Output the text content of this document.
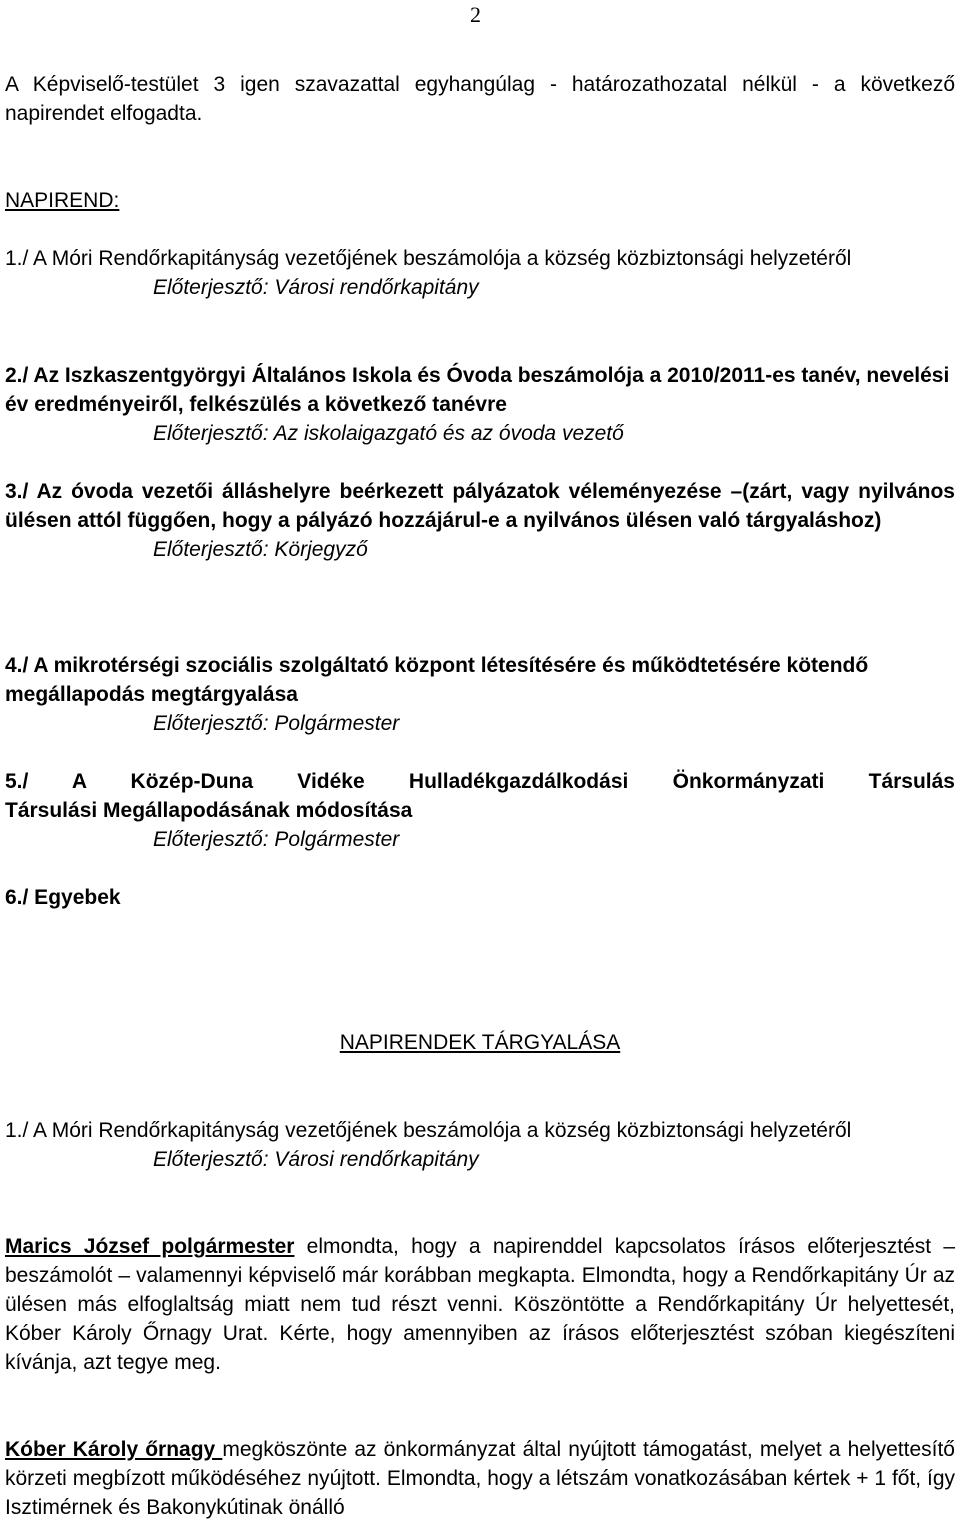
2
A Képviselő-testület 3 igen szavazattal egyhangúlag - határozathozatal nélkül - a következő napirendet elfogadta.
NAPIREND:
1./ A Móri Rendőrkapitányság vezetőjének beszámolója a község közbiztonsági helyzetéről
Előterjesztő: Városi rendőrkapitány
2./ Az Iszkaszentgyörgyi Általános Iskola és Óvoda beszámolója a 2010/2011-es tanév, nevelési év eredményeiről, felkészülés a következő tanévre
Előterjesztő: Az iskolaigazgató és az óvoda vezető
3./ Az óvoda vezetői álláshelyre beérkezett pályázatok véleményezése –(zárt, vagy nyilvános ülésen attól függően, hogy a pályázó hozzájárul-e a nyilvános ülésen való tárgyaláshoz)
Előterjesztő: Körjegyző
4./ A mikrotérségi szociális szolgáltató központ létesítésére és működtetésére kötendő megállapodás megtárgyalása
Előterjesztő: Polgármester
5./ A Közép-Duna Vidéke Hulladékgazdálkodási Önkormányzati Társulás
Társulási Megállapodásának módosítása
Előterjesztő: Polgármester
6./ Egyebek
NAPIRENDEK TÁRGYALÁSA
1./ A Móri Rendőrkapitányság vezetőjének beszámolója a község közbiztonsági helyzetéről
Előterjesztő: Városi rendőrkapitány
Marics József polgármester elmondta, hogy a napirenddel kapcsolatos írásos előterjesztést – beszámolót – valamennyi képviselő már korábban megkapta. Elmondta, hogy a Rendőrkapitány Úr az ülésen más elfoglaltság miatt nem tud részt venni. Köszöntötte a Rendőrkapitány Úr helyettesét, Kóber Károly Őrnagy Urat. Kérte, hogy amennyiben az írásos előterjesztést szóban kiegészíteni kívánja, azt tegye meg.
Kóber Károly őrnagy megköszönte az önkormányzat által nyújtott támogatást, melyet a helyettesítő körzeti megbízott működéséhez nyújtott. Elmondta, hogy a létszám vonatkozásában kértek + 1 főt, így Isztimérnek és Bakonykútinak önálló
